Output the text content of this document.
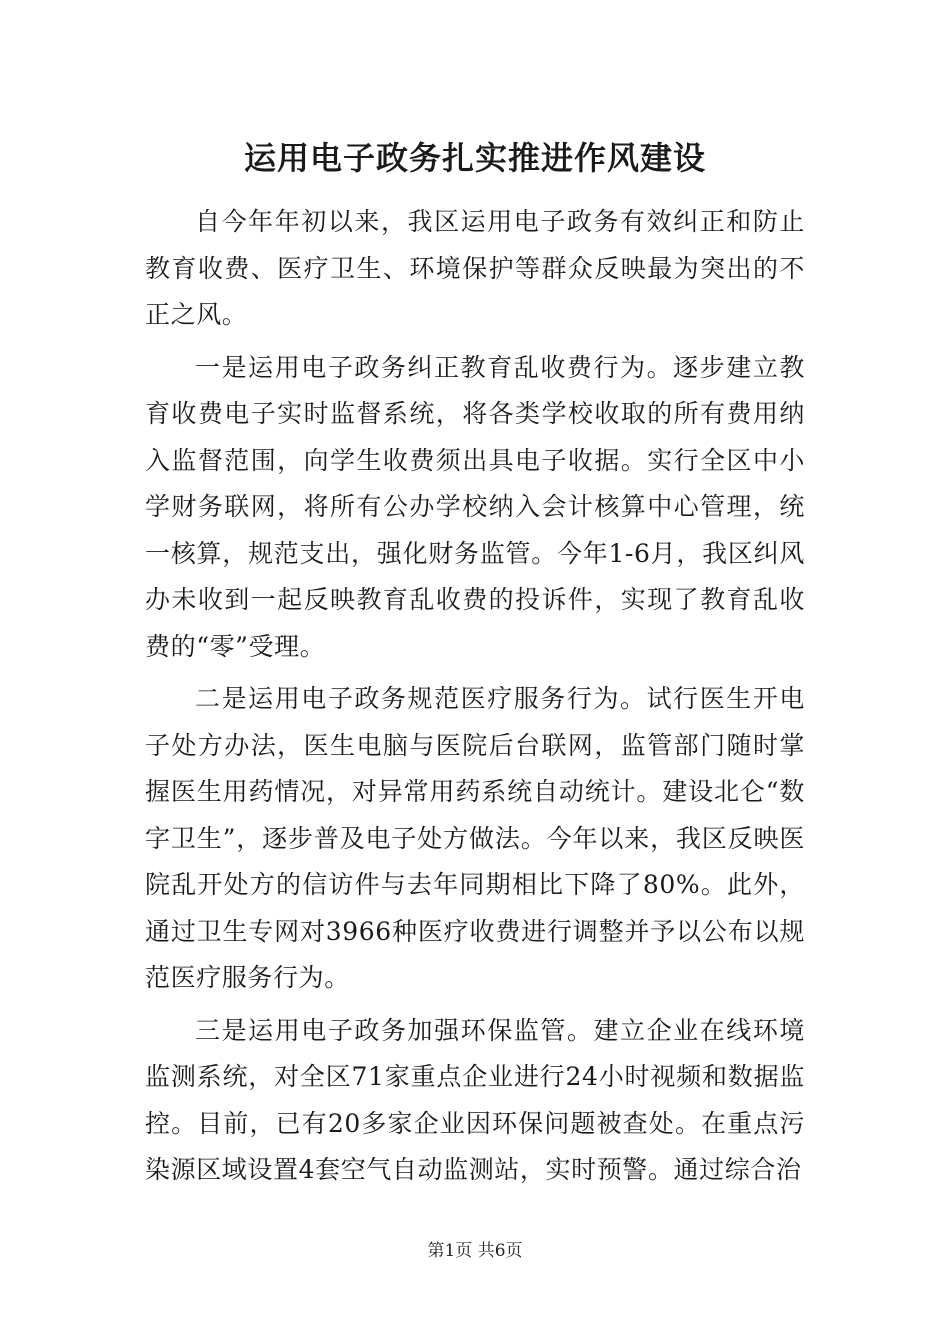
运用电子政务扎实推进作风建设

自今年年初以来，我区运用电子政务有效纠正和防止教育收费、医疗卫生、环境保护等群众反映最为突出的不正之风。

一是运用电子政务纠正教育乱收费行为。逐步建立教育收费电子实时监督系统，将各类学校收取的所有费用纳入监督范围，向学生收费须出具电子收据。实行全区中小学财务联网，将所有公办学校纳入会计核算中心管理，统一核算，规范支出，强化财务监管。今年1-6月，我区纠风办未收到一起反映教育乱收费的投诉件，实现了教育乱收费的“零”受理。

二是运用电子政务规范医疗服务行为。试行医生开电子处方办法，医生电脑与医院后台联网，监管部门随时掌握医生用药情况，对异常用药系统自动统计。建设北仑“数字卫生”，逐步普及电子处方做法。今年以来，我区反映医院乱开处方的信访件与去年同期相比下降了80%。此外，通过卫生专网对3966种医疗收费进行调整并予以公布以规范医疗服务行为。

三是运用电子政务加强环保监管。建立企业在线环境监测系统，对全区71家重点企业进行24小时视频和数据监控。目前，已有20多家企业因环保问题被查处。在重点污染源区域设置4套空气自动监测站，实时预警。通过综合治

第1页 共6页
